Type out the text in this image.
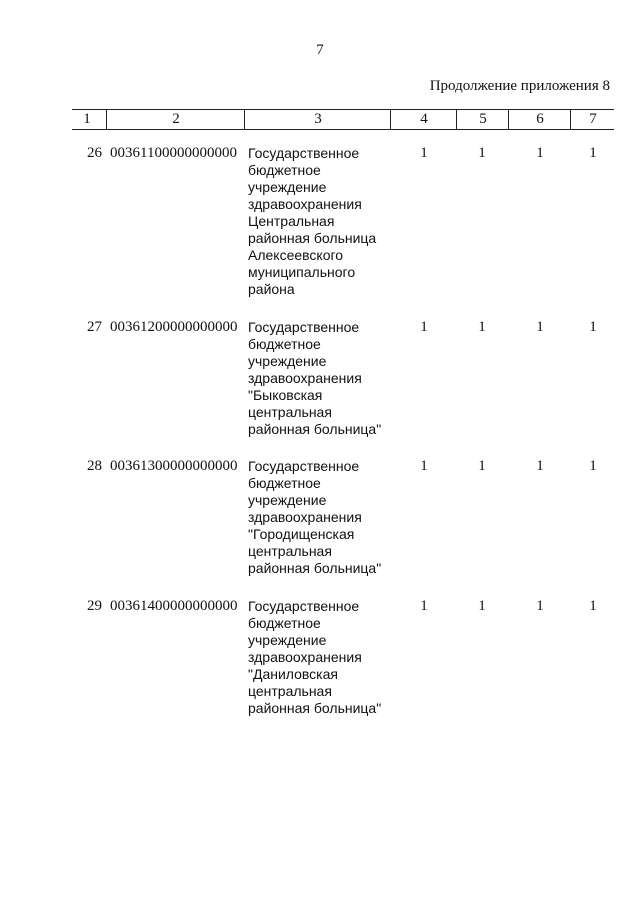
7
Продолжение приложения 8
1	2	3	4	5	6	7
26 00361100000000000 Государственное
бюджетное
учреждение
здравоохранения
Центральная
районная больница
Алексеевского
муниципального
района
1	1	1	1
27 00361200000000000 Государственное
бюджетное
учреждение
здравоохранения
"Быковская
центральная
районная больница"
1	1	1	1
28 00361300000000000 Государственное
бюджетное
учреждение
здравоохранения
"Городищенская
центральная
районная больница"
1	1	1	1
29 00361400000000000 Государственное
бюджетное
учреждение
здравоохранения
"Даниловская
центральная
районная больница"
1	1	1	1
